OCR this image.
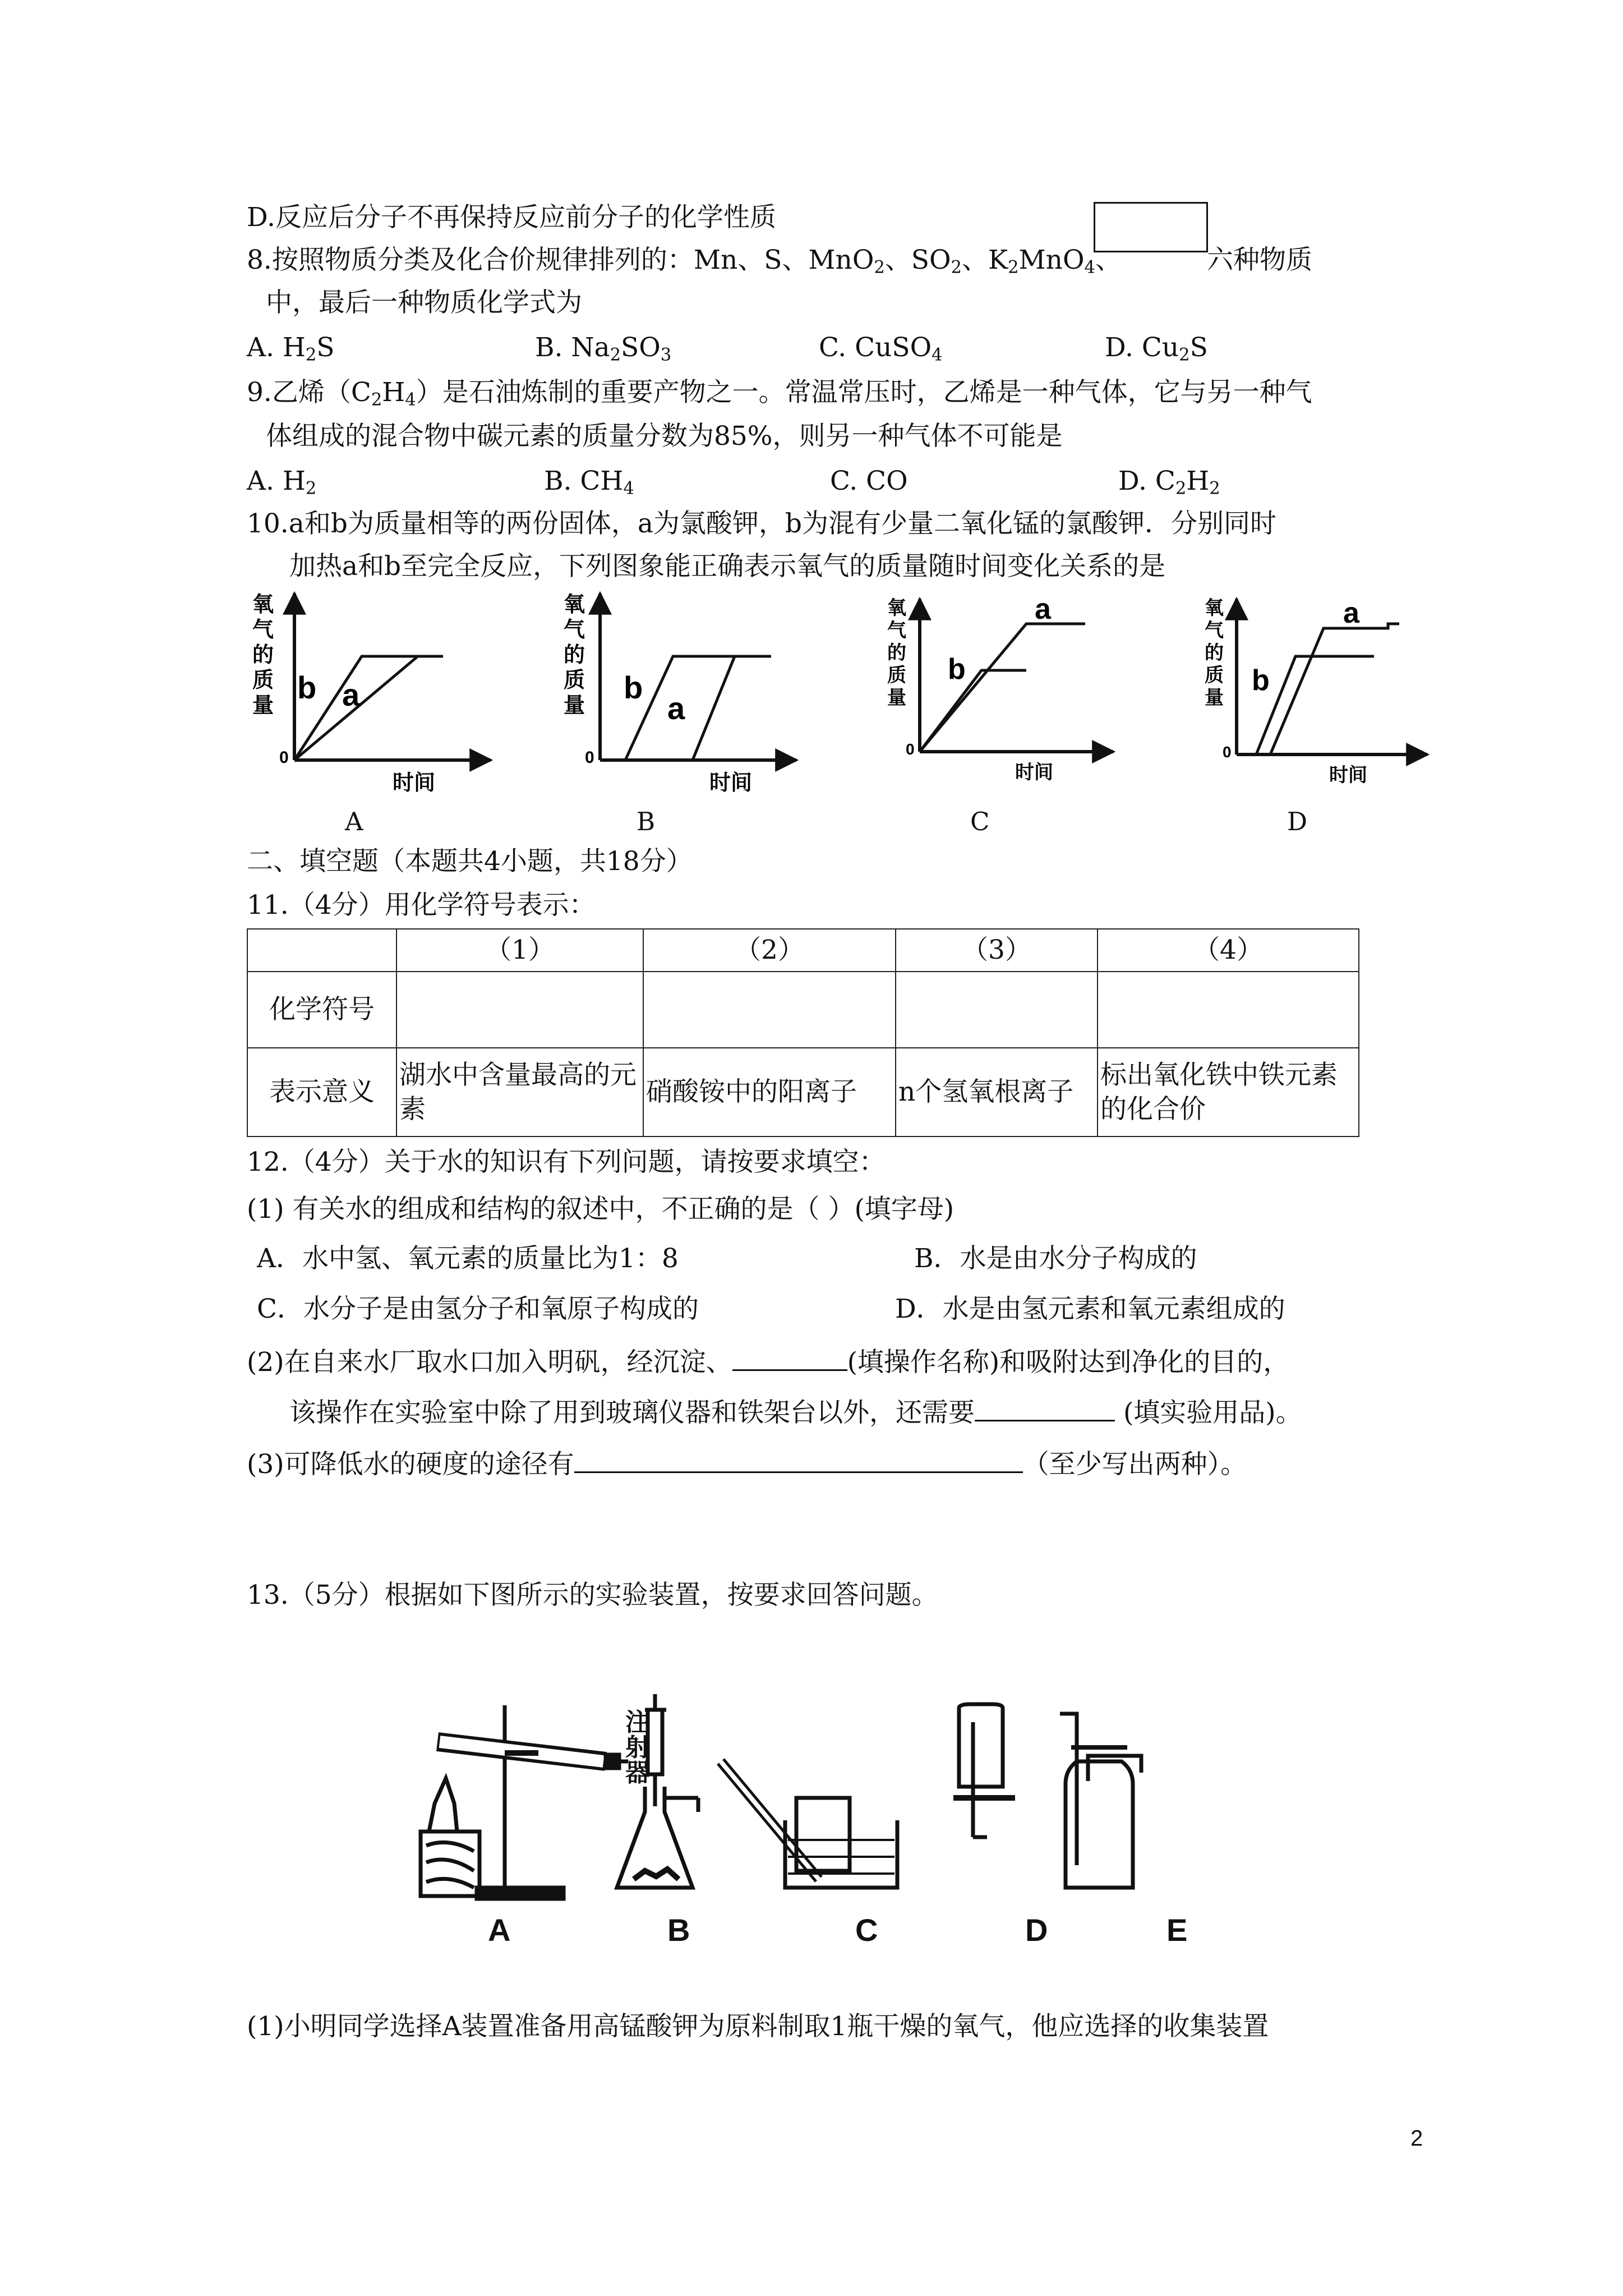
D.反应后分子不再保持反应前分子的化学性质
8.按照物质分类及化合价规律排列的：Mn、S、MnO$_2$、$SO_2$、$K_2MnO_4$、	六种物质
中，最后一种物质化学式为
A. $H_2S$	B. $Na_2SO_3$	C. CuSO$_4$	D. $Cu_2S$
9.乙烯$(C_2H_4)$是石油炼制的重要产物之一。常温常压时，乙烯是一种气体，它与另一种气
体组成的混合物中碳元素的质量分数为85%，则另一种气体不可能是
A. $H_2$	B. $CH_4$	C. CO	D. $C_2H_2$
10.a和b为质量相等的两份固体，a为氯酸钾，b为混有少量二氧化锰的氯酸钾．分别同时
加热a和b至完全反应，下列图象能正确表示氧气的质量随时间变化关系的是
氧
气
的
质
量
0
时间
b a
氧
气
的
质
量
0
时间
b
a
氧
气
的
质
量
0
时间
b
a	氧
气
的
质
量
0
时间
b
a
A	B	C	D
二、填空题（本题共4小题，共18分）
11.（4分）用化学符号表示：
	（1）	（2）	（3）	（4）
化学符号				
表示意义	湖水中含量最高的元素	硝酸铵中的阳离子	n个氢氧根离子	标出氧化铁中铁元素的化合价
12.（4分）关于水的知识有下列问题，请按要求填空：
(1) 有关水的组成和结构的叙述中，不正确的是（ ）(填字母)
A．水中氢、氧元素的质量比为1：8	B．水是由水分子构成的
C．水分子是由氢分子和氧原子构成的	D．水是由氢元素和氧元素组成的
(2)在自来水厂取水口加入明矾，经沉淀、	(填操作名称)和吸附达到净化的目的，
该操作在实验室中除了用到玻璃仪器和铁架台以外，还需要	(填实验用品)。
(3)可降低水的硬度的途径有	（至少写出两种）。
13.（5分）根据如下图所示的实验装置，按要求回答问题。
注
射
器
A	B	C	D	E
(1)小明同学选择A装置准备用高锰酸钾为原料制取1瓶干燥的氧气，他应选择的收集装置
2
